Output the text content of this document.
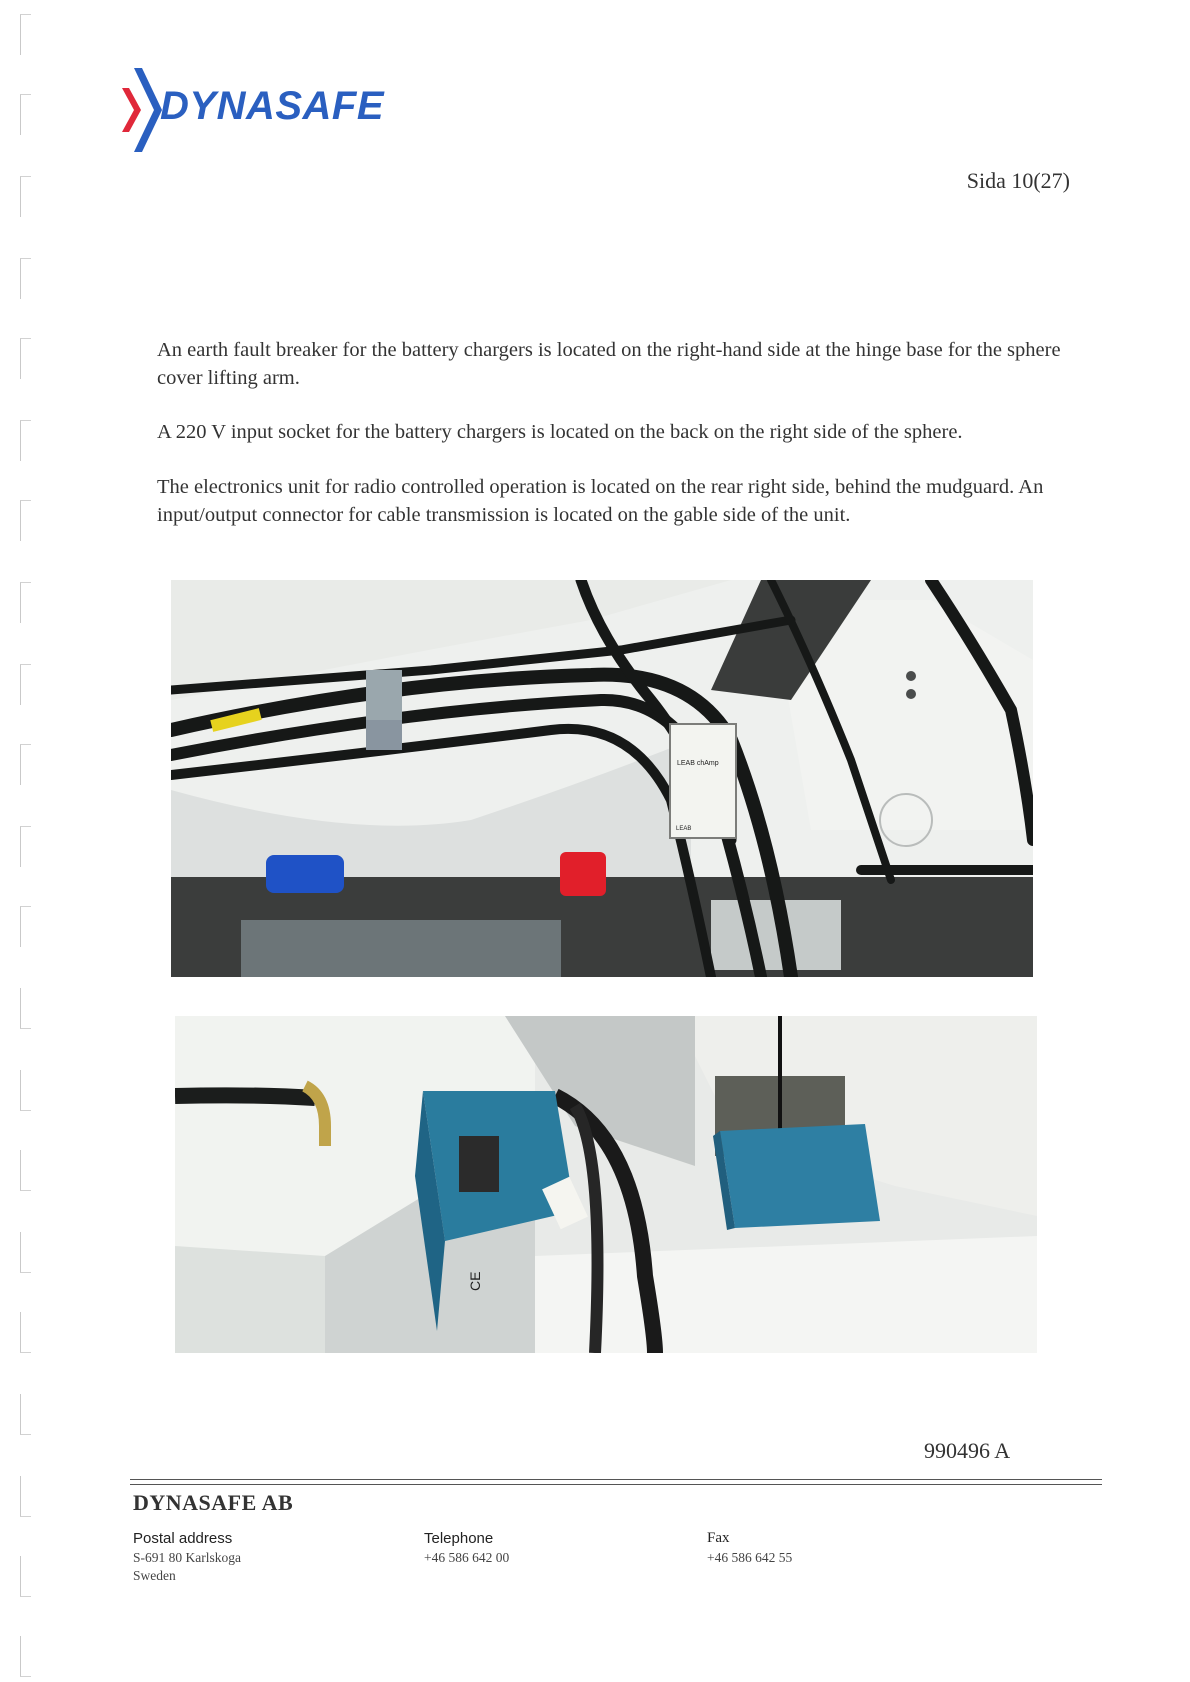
DYNASAFE
Sida 10(27)

An earth fault breaker for the battery chargers is located on the right-hand side at the hinge base for the sphere cover lifting arm.

A 220 V input socket for the battery chargers is located on the back on the right side of the sphere.

The electronics unit for radio controlled operation is located on the rear right side, behind the mudguard. An input/output connector for cable transmission is located on the gable side of the unit.

LEAB chAmp
LEAB
CE
990496 A
DYNASAFE AB
Postal address
S-691 80 Karlskoga
Sweden
Telephone
+46 586 642 00
Fax
+46 586 642 55
